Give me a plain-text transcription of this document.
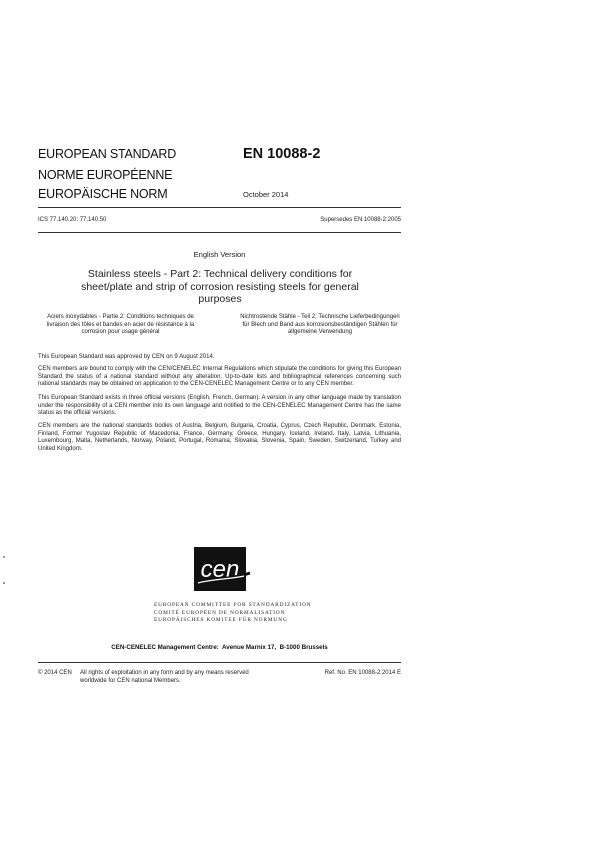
EUROPEAN STANDARD
NORME EUROPÉENNE
EUROPÄISCHE NORM
EN 10088-2
October 2014
ICS 77.140.20; 77.140.50	Supersedes EN 10088-2:2005
English Version
Stainless steels - Part 2: Technical delivery conditions for sheet/plate and strip of corrosion resisting steels for general purposes
Aciers inoxydables - Partie 2: Conditions techniques de livraison des tôles et bandes en acier de résistance à la corrosion pour usage général
Nichtrostende Stähle - Teil 2: Technische Lieferbedingungen für Blech und Band aus korrosionsbeständigen Stählen für allgemeine Verwendung
This European Standard was approved by CEN on 9 August 2014.
CEN members are bound to comply with the CEN/CENELEC Internal Regulations which stipulate the conditions for giving this European Standard the status of a national standard without any alteration. Up-to-date lists and bibliographical references concerning such national standards may be obtained on application to the CEN-CENELEC Management Centre or to any CEN member.
This European Standard exists in three official versions (English, French, German). A version in any other language made by translation under the responsibility of a CEN member into its own language and notified to the CEN-CENELEC Management Centre has the same status as the official versions.
CEN members are the national standards bodies of Austria, Belgium, Bulgaria, Croatia, Cyprus, Czech Republic, Denmark, Estonia, Finland, Former Yugoslav Republic of Macedonia, France, Germany, Greece, Hungary, Iceland, Ireland, Italy, Latvia, Lithuania, Luxembourg, Malta, Netherlands, Norway, Poland, Portugal, Romania, Slovakia, Slovenia, Spain, Sweden, Switzerland, Turkey and United Kingdom.
cen
EUROPEAN COMMITTEE FOR STANDARDIZATION
COMITÉ EUROPÉEN DE NORMALISATION
EUROPÄISCHES KOMITEE FÜR NORMUNG
CEN-CENELEC Management Centre:  Avenue Marnix 17,  B-1000 Brussels
© 2014 CEN All rights of exploitation in any form and by any means reserved worldwide for CEN national Members.
Ref. No. EN 10088-2:2014 E
